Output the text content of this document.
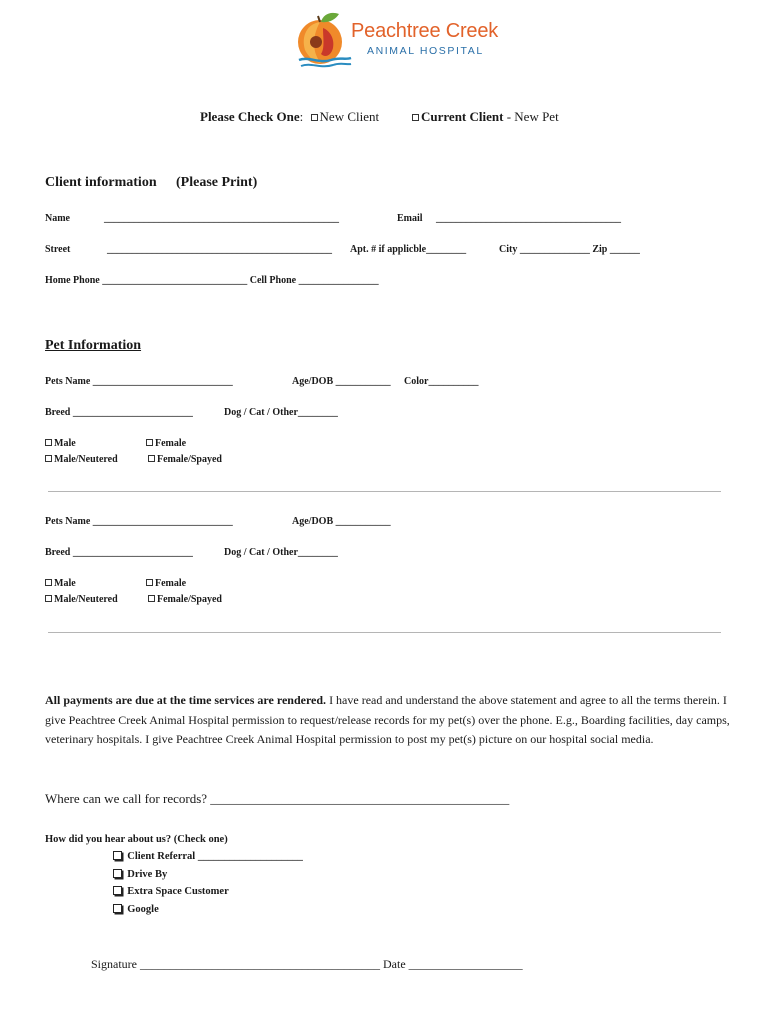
Peachtree Creek
ANIMAL HOSPITAL
Please Check One: New Client	Current Client - New Pet
Client information (Please Print)
Name	_______________________________________________	Email _____________________________________
Street	_____________________________________________ Apt. # if applicble________	City ______________ Zip ______
Home Phone _____________________________ Cell Phone ________________
Pet Information
Pets Name ____________________________	Age/DOB ___________ Color__________
Breed ________________________	Dog / Cat / Other________
Male	Female
Male/Neutered	Female/Spayed
Pets Name ____________________________	Age/DOB ___________
Breed ________________________	Dog / Cat / Other________
Male	Female
Male/Neutered	Female/Spayed
All payments are due at the time services are rendered. I have read and understand the above statement and agree to all the terms therein. I give Peachtree Creek Animal Hospital permission to request/release records for my pet(s) over the phone. E.g., Boarding facilities, day camps, veterinary hospitals. I give Peachtree Creek Animal Hospital permission to post my pet(s) picture on our hospital social media.
Where can we call for records? ______________________________________________
How did you hear about us? (Check one)
Client Referral ____________________
Drive By
Extra Space Customer
Google
Signature ________________________________________ Date ___________________
